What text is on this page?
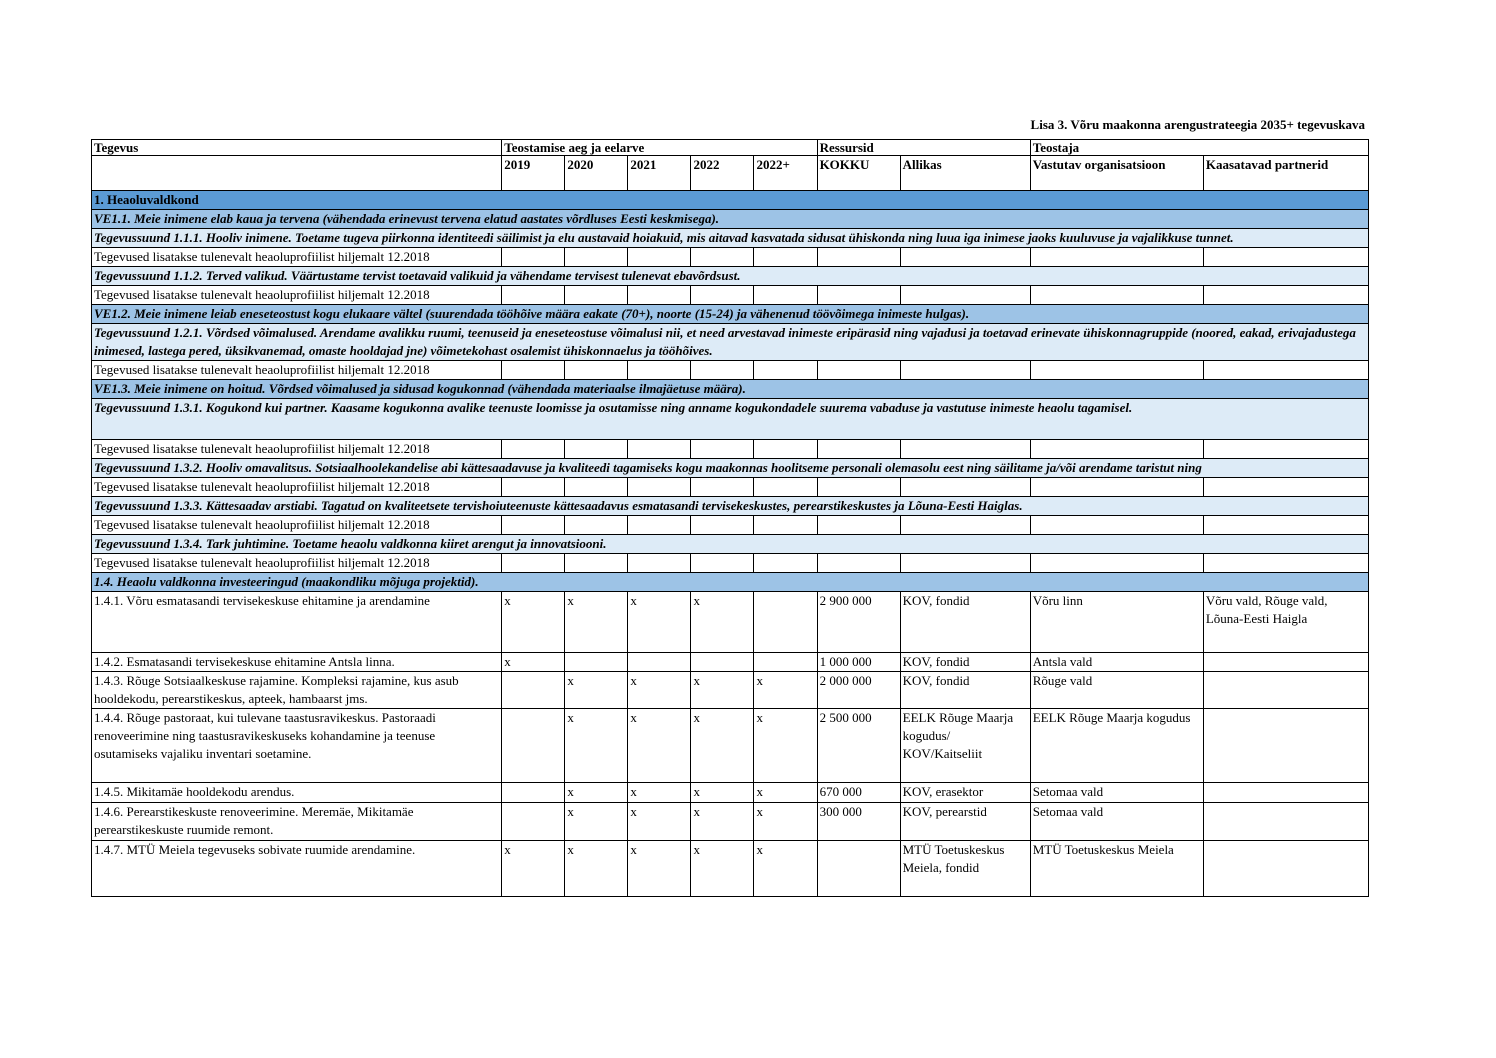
Lisa 3. Võru maakonna arengustrateegia 2035+ tegevuskava
Tegevus	Teostamise aeg ja eelarve					Ressursid		Teostaja	
	2019	2020	2021	2022	2022+	KOKKU	Allikas	Vastutav organisatsioon	Kaasatavad partnerid
1. Heaoluvaldkond									
VE1.1. Meie inimene elab kaua ja tervena (vähendada erinevust tervena elatud aastates võrdluses Eesti keskmisega).									
Tegevussuund 1.1.1. Hooliv inimene. Toetame tugeva piirkonna identiteedi säilimist ja elu austavaid hoiakuid, mis aitavad kasvatada sidusat ühiskonda ning luua iga inimese jaoks kuuluvuse ja vajalikkuse tunnet.									
Tegevused lisatakse tulenevalt heaoluprofiilist hiljemalt 12.2018									
Tegevussuund 1.1.2. Terved valikud. Väärtustame tervist toetavaid valikuid ja vähendame tervisest tulenevat ebavõrdsust.									
Tegevused lisatakse tulenevalt heaoluprofiilist hiljemalt 12.2018									
VE1.2. Meie inimene leiab eneseteostust kogu elukaare vältel (suurendada tööhõive määra eakate (70+), noorte (15-24) ja vähenenud töövõimega inimeste hulgas).									
Tegevussuund 1.2.1. Võrdsed võimalused. Arendame avalikku ruumi, teenuseid ja eneseteostuse võimalusi nii, et need arvestavad inimeste eripärasid ning vajadusi ja toetavad erinevate ühiskonnagruppide (noored, eakad, erivajadustega inimesed, lastega pered, üksikvanemad, omaste hooldajad jne) võimetekohast osalemist ühiskonnaelus ja tööhõives.									
Tegevused lisatakse tulenevalt heaoluprofiilist hiljemalt 12.2018									
VE1.3. Meie inimene on hoitud. Võrdsed võimalused ja sidusad kogukonnad (vähendada materiaalse ilmajäetuse määra).									
Tegevussuund 1.3.1. Kogukond kui partner. Kaasame kogukonna avalike teenuste loomisse ja osutamisse ning anname kogukondadele suurema vabaduse ja vastutuse inimeste heaolu tagamisel.									
Tegevused lisatakse tulenevalt heaoluprofiilist hiljemalt 12.2018									
Tegevussuund 1.3.2. Hooliv omavalitsus. Sotsiaalhoolekandelise abi kättesaadavuse ja kvaliteedi tagamiseks kogu maakonnas hoolitseme personali olemasolu eest ning säilitame ja/või arendame taristut ning									
Tegevused lisatakse tulenevalt heaoluprofiilist hiljemalt 12.2018									
Tegevussuund 1.3.3. Kättesaadav arstiabi. Tagatud on kvaliteetsete tervishoiuteenuste kättesaadavus esmatasandi tervisekeskustes, perearstikeskustes ja Lõuna-Eesti Haiglas.									
Tegevused lisatakse tulenevalt heaoluprofiilist hiljemalt 12.2018									
Tegevussuund 1.3.4. Tark juhtimine. Toetame heaolu valdkonna kiiret arengut ja innovatsiooni.									
Tegevused lisatakse tulenevalt heaoluprofiilist hiljemalt 12.2018									
1.4. Heaolu valdkonna investeeringud (maakondliku mõjuga projektid).									
1.4.1. Võru esmatasandi tervisekeskuse ehitamine ja arendamine	x	x	x	x		2 900 000	KOV, fondid	Võru linn	Võru vald, Rõuge vald, Lõuna-Eesti Haigla
1.4.2. Esmatasandi tervisekeskuse ehitamine Antsla linna.	x					1 000 000	KOV, fondid	Antsla vald	
1.4.3. Rõuge Sotsiaalkeskuse rajamine. Kompleksi rajamine, kus asub hooldekodu, perearstikeskus, apteek, hambaarst jms.		x	x	x	x	2 000 000	KOV, fondid	Rõuge vald	
1.4.4. Rõuge pastoraat, kui tulevane taastusravikeskus. Pastoraadi renoveerimine ning taastusravikeskuseks kohandamine ja teenuse osutamiseks vajaliku inventari soetamine.		x	x	x	x	2 500 000	EELK Rõuge Maarja kogudus/ KOV/Kaitseliit	EELK Rõuge Maarja kogudus	
1.4.5. Mikitamäe hooldekodu arendus.		x	x	x	x	670 000	KOV, erasektor	Setomaa vald	
1.4.6. Perearstikeskuste renoveerimine. Meremäe, Mikitamäe perearstikeskuste ruumide remont.		x	x	x	x	300 000	KOV, perearstid	Setomaa vald	
1.4.7. MTÜ Meiela tegevuseks sobivate ruumide arendamine.	x	x	x	x	x		MTÜ Toetuskeskus Meiela, fondid	MTÜ Toetuskeskus Meiela	
